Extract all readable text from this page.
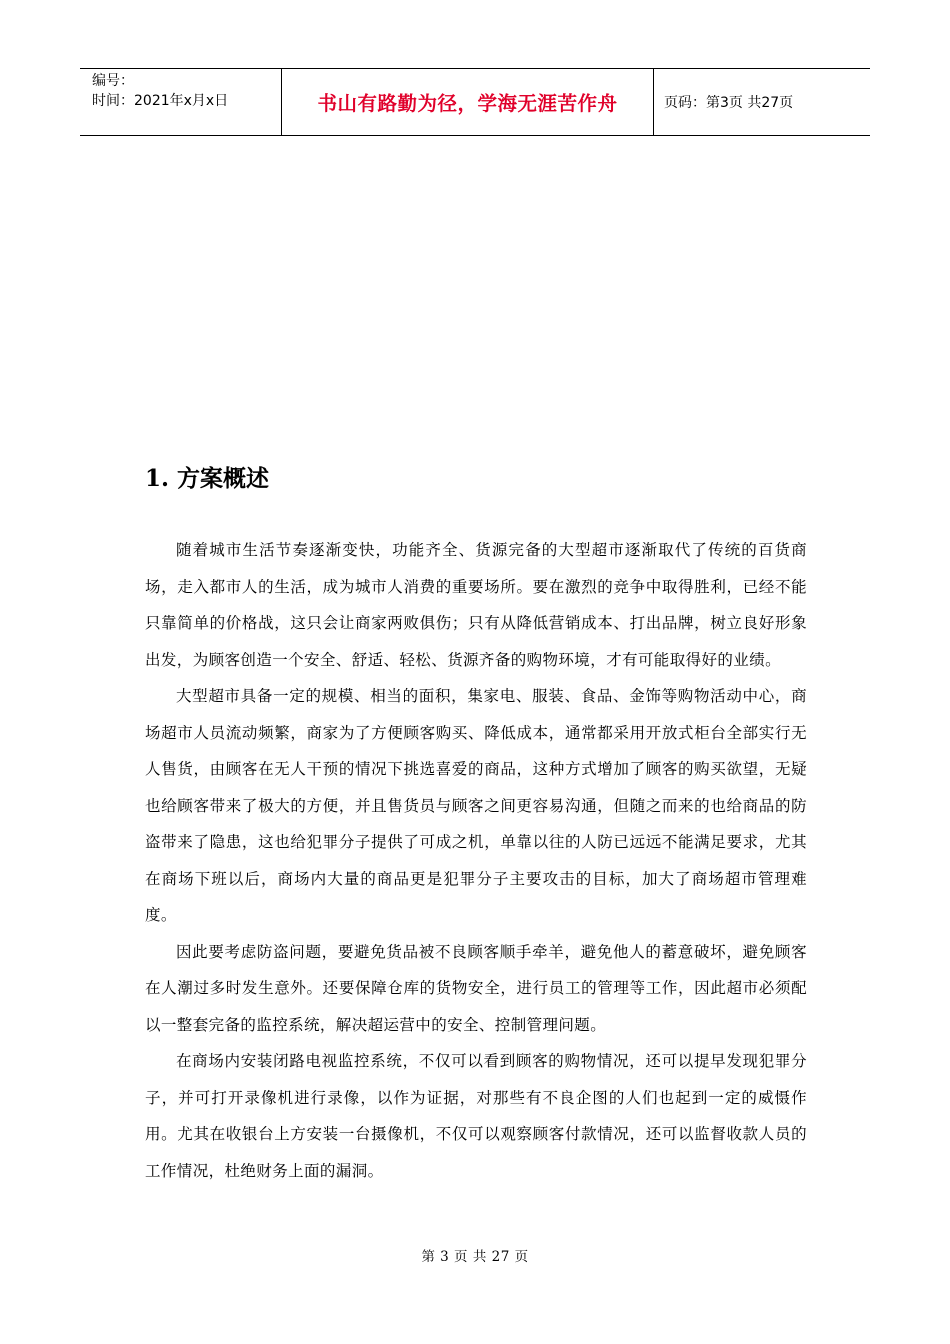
编号：
时间：2021年x月x日	书山有路勤为径，学海无涯苦作舟	页码：第3页 共27页
1. 方案概述

随着城市生活节奏逐渐变快，功能齐全、货源完备的大型超市逐渐取代了传统的百货商场，走入都市人的生活，成为城市人消费的重要场所。要在激烈的竞争中取得胜利，已经不能只靠简单的价格战，这只会让商家两败俱伤；只有从降低营销成本、打出品牌，树立良好形象出发，为顾客创造一个安全、舒适、轻松、货源齐备的购物环境，才有可能取得好的业绩。

大型超市具备一定的规模、相当的面积，集家电、服装、食品、金饰等购物活动中心，商场超市人员流动频繁，商家为了方便顾客购买、降低成本，通常都采用开放式柜台全部实行无人售货，由顾客在无人干预的情况下挑选喜爱的商品，这种方式增加了顾客的购买欲望，无疑也给顾客带来了极大的方便，并且售货员与顾客之间更容易沟通，但随之而来的也给商品的防盗带来了隐患，这也给犯罪分子提供了可成之机，单靠以往的人防已远远不能满足要求，尤其在商场下班以后，商场内大量的商品更是犯罪分子主要攻击的目标，加大了商场超市管理难度。

因此要考虑防盗问题，要避免货品被不良顾客顺手牵羊，避免他人的蓄意破坏，避免顾客在人潮过多时发生意外。还要保障仓库的货物安全，进行员工的管理等工作，因此超市必须配以一整套完备的监控系统，解决超运营中的安全、控制管理问题。

在商场内安装闭路电视监控系统，不仅可以看到顾客的购物情况，还可以提早发现犯罪分子，并可打开录像机进行录像，以作为证据，对那些有不良企图的人们也起到一定的威慑作用。尤其在收银台上方安装一台摄像机，不仅可以观察顾客付款情况，还可以监督收款人员的工作情况，杜绝财务上面的漏洞。

第 3 页 共 27 页
